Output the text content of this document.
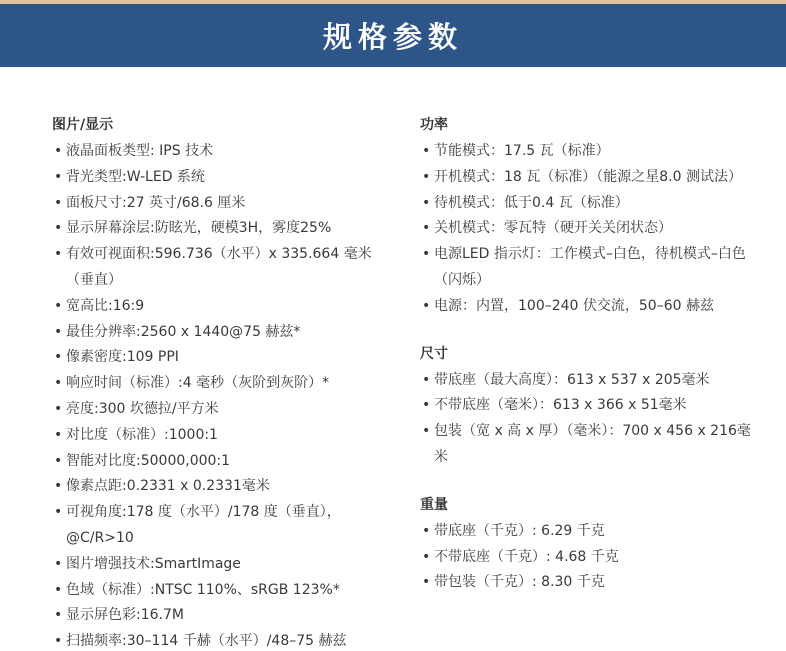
规格参数
图片/显示
• 液晶面板类型: IPS 技术
• 背光类型:W-LED 系统
• 面板尺寸:27 英寸/68.6 厘米
• 显示屏幕涂层:防眩光，硬模3H，雾度25%
• 有效可视面积:596.736（水平）x 335.664 毫米（垂直）
• 宽高比:16:9
• 最佳分辨率:2560 x 1440@75 赫兹*
• 像素密度:109 PPI
• 响应时间（标准）:4 毫秒（灰阶到灰阶）*
• 亮度:300 坎德拉/平方米
• 对比度（标准）:1000:1
• 智能对比度:50000,000:1
• 像素点距:0.2331 x 0.2331毫米
• 可视角度:178 度（水平）/178 度（垂直），@C/R>10
• 图片增强技术:SmartImage
• 色域（标准）:NTSC 110%、sRGB 123%*
• 显示屏色彩:16.7M
• 扫描频率:30–114 千赫（水平）/48–75 赫兹
功率
• 节能模式：17.5 瓦（标准）
• 开机模式：18 瓦（标准）（能源之星8.0 测试法）
• 待机模式：低于0.4 瓦（标准）
• 关机模式：零瓦特（硬开关关闭状态）
• 电源LED 指示灯：工作模式–白色，待机模式–白色（闪烁）
• 电源：内置，100–240 伏交流，50–60 赫兹
尺寸
• 带底座（最大高度）：613 x 537 x 205毫米
• 不带底座（毫米）：613 x 366 x 51毫米
• 包装（宽 x 高 x 厚）（毫米）：700 x 456 x 216毫米
重量
• 带底座（千克）: 6.29 千克
• 不带底座（千克）: 4.68 千克
• 带包装（千克）: 8.30 千克
